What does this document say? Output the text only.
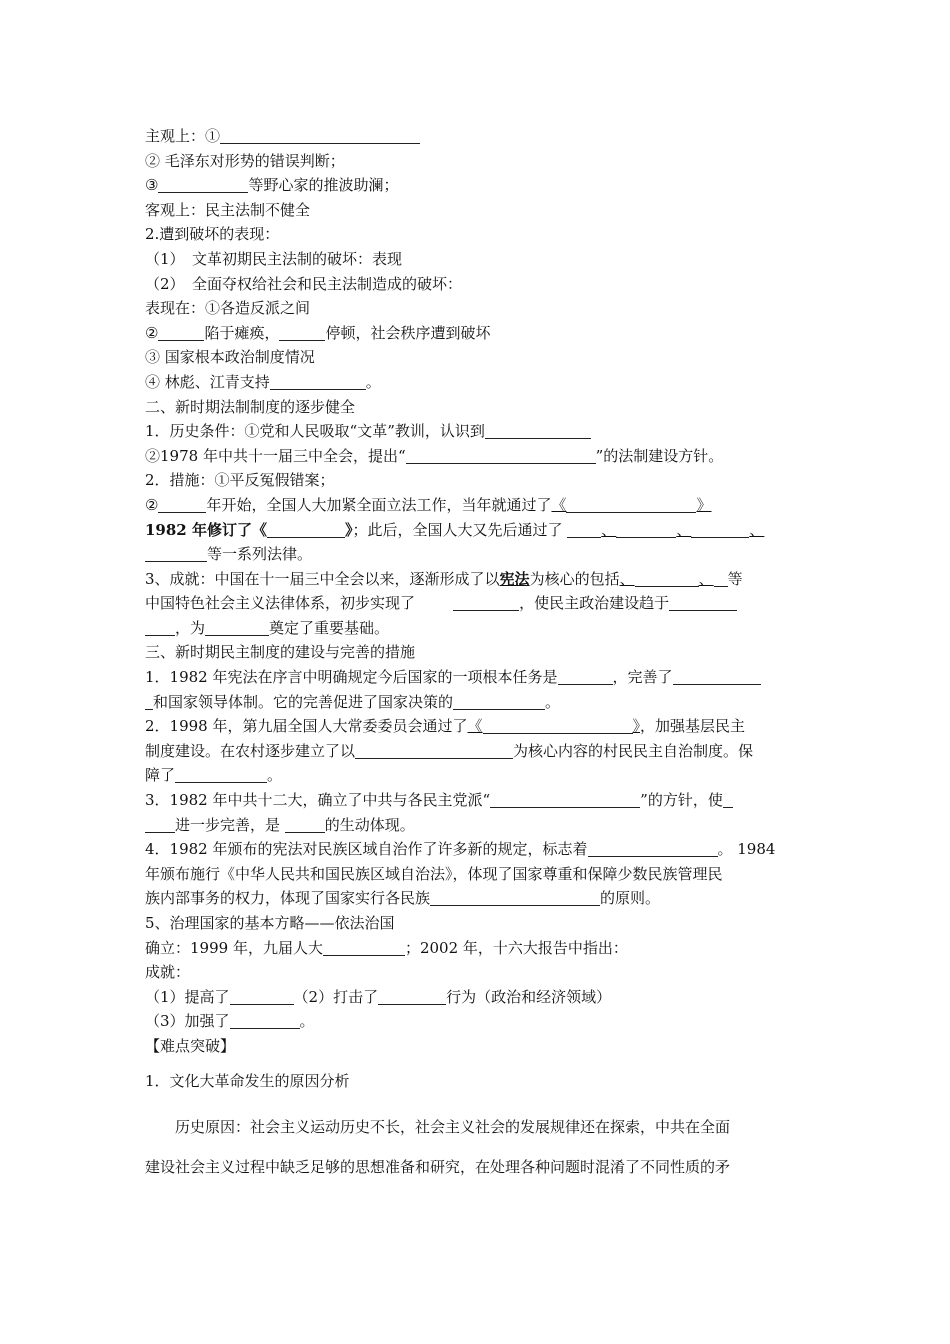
主观上：①
② 毛泽东对形势的错误判断；
③	等野心家的推波助澜；
客观上：民主法制不健全
2.遭到破坏的表现：
（1）　文革初期民主法制的破坏：表现
（2）　全面夺权给社会和民主法制造成的破坏：
表现在：①各造反派之间
②	陷于瘫痪，	停顿，社会秩序遭到破坏
③ 国家根本政治制度情况
④ 林彪、江青支持	。
二、新时期法制制度的逐步健全
1．历史条件：①党和人民吸取“文革”教训，认识到
②1978 年中共十一届三中全会，提出“	”的法制建设方针。
2．措施：①平反冤假错案；
②	年开始，全国人大加紧全面立法工作，当年就通过了《	》
1982 年修订了《	》；此后，全国人大又先后通过了	、	、	、
等一系列法律。
3、成就：中国在十一届三中全会以来，逐渐形成了以宪法为核心的包括、	、 等
中国特色社会主义法律体系，初步实现了	，使民主政治建设趋于
，为	奠定了重要基础。
三、新时期民主制度的建设与完善的措施
1．1982 年宪法在序言中明确规定今后国家的一项根本任务是	，完善了
和国家领导体制。它的完善促进了国家决策的	。
2．1998 年，第九届全国人大常委委员会通过了《	》，加强基层民主
制度建设。在农村逐步建立了以	为核心内容的村民民主自治制度。保
障了	。
3．1982 年中共十二大，确立了中共与各民主党派“	”的方针，使
进一步完善，是	的生动体现。
4．1982 年颁布的宪法对民族区域自治作了许多新的规定，标志着	。 1984
年颁布施行《中华人民共和国民族区域自治法》，体现了国家尊重和保障少数民族管理民
族内部事务的权力，体现了国家实行各民族	的原则。
5、治理国家的基本方略——依法治国
确立：1999 年，九届人大	；2002 年，十六大报告中指出：
成就：
（1）提高了	（2）打击了	行为（政治和经济领域）
（3）加强了	。
【难点突破】
1．文化大革命发生的原因分析
历史原因：社会主义运动历史不长，社会主义社会的发展规律还在探索，中共在全面
建设社会主义过程中缺乏足够的思想准备和研究，在处理各种问题时混淆了不同性质的矛
